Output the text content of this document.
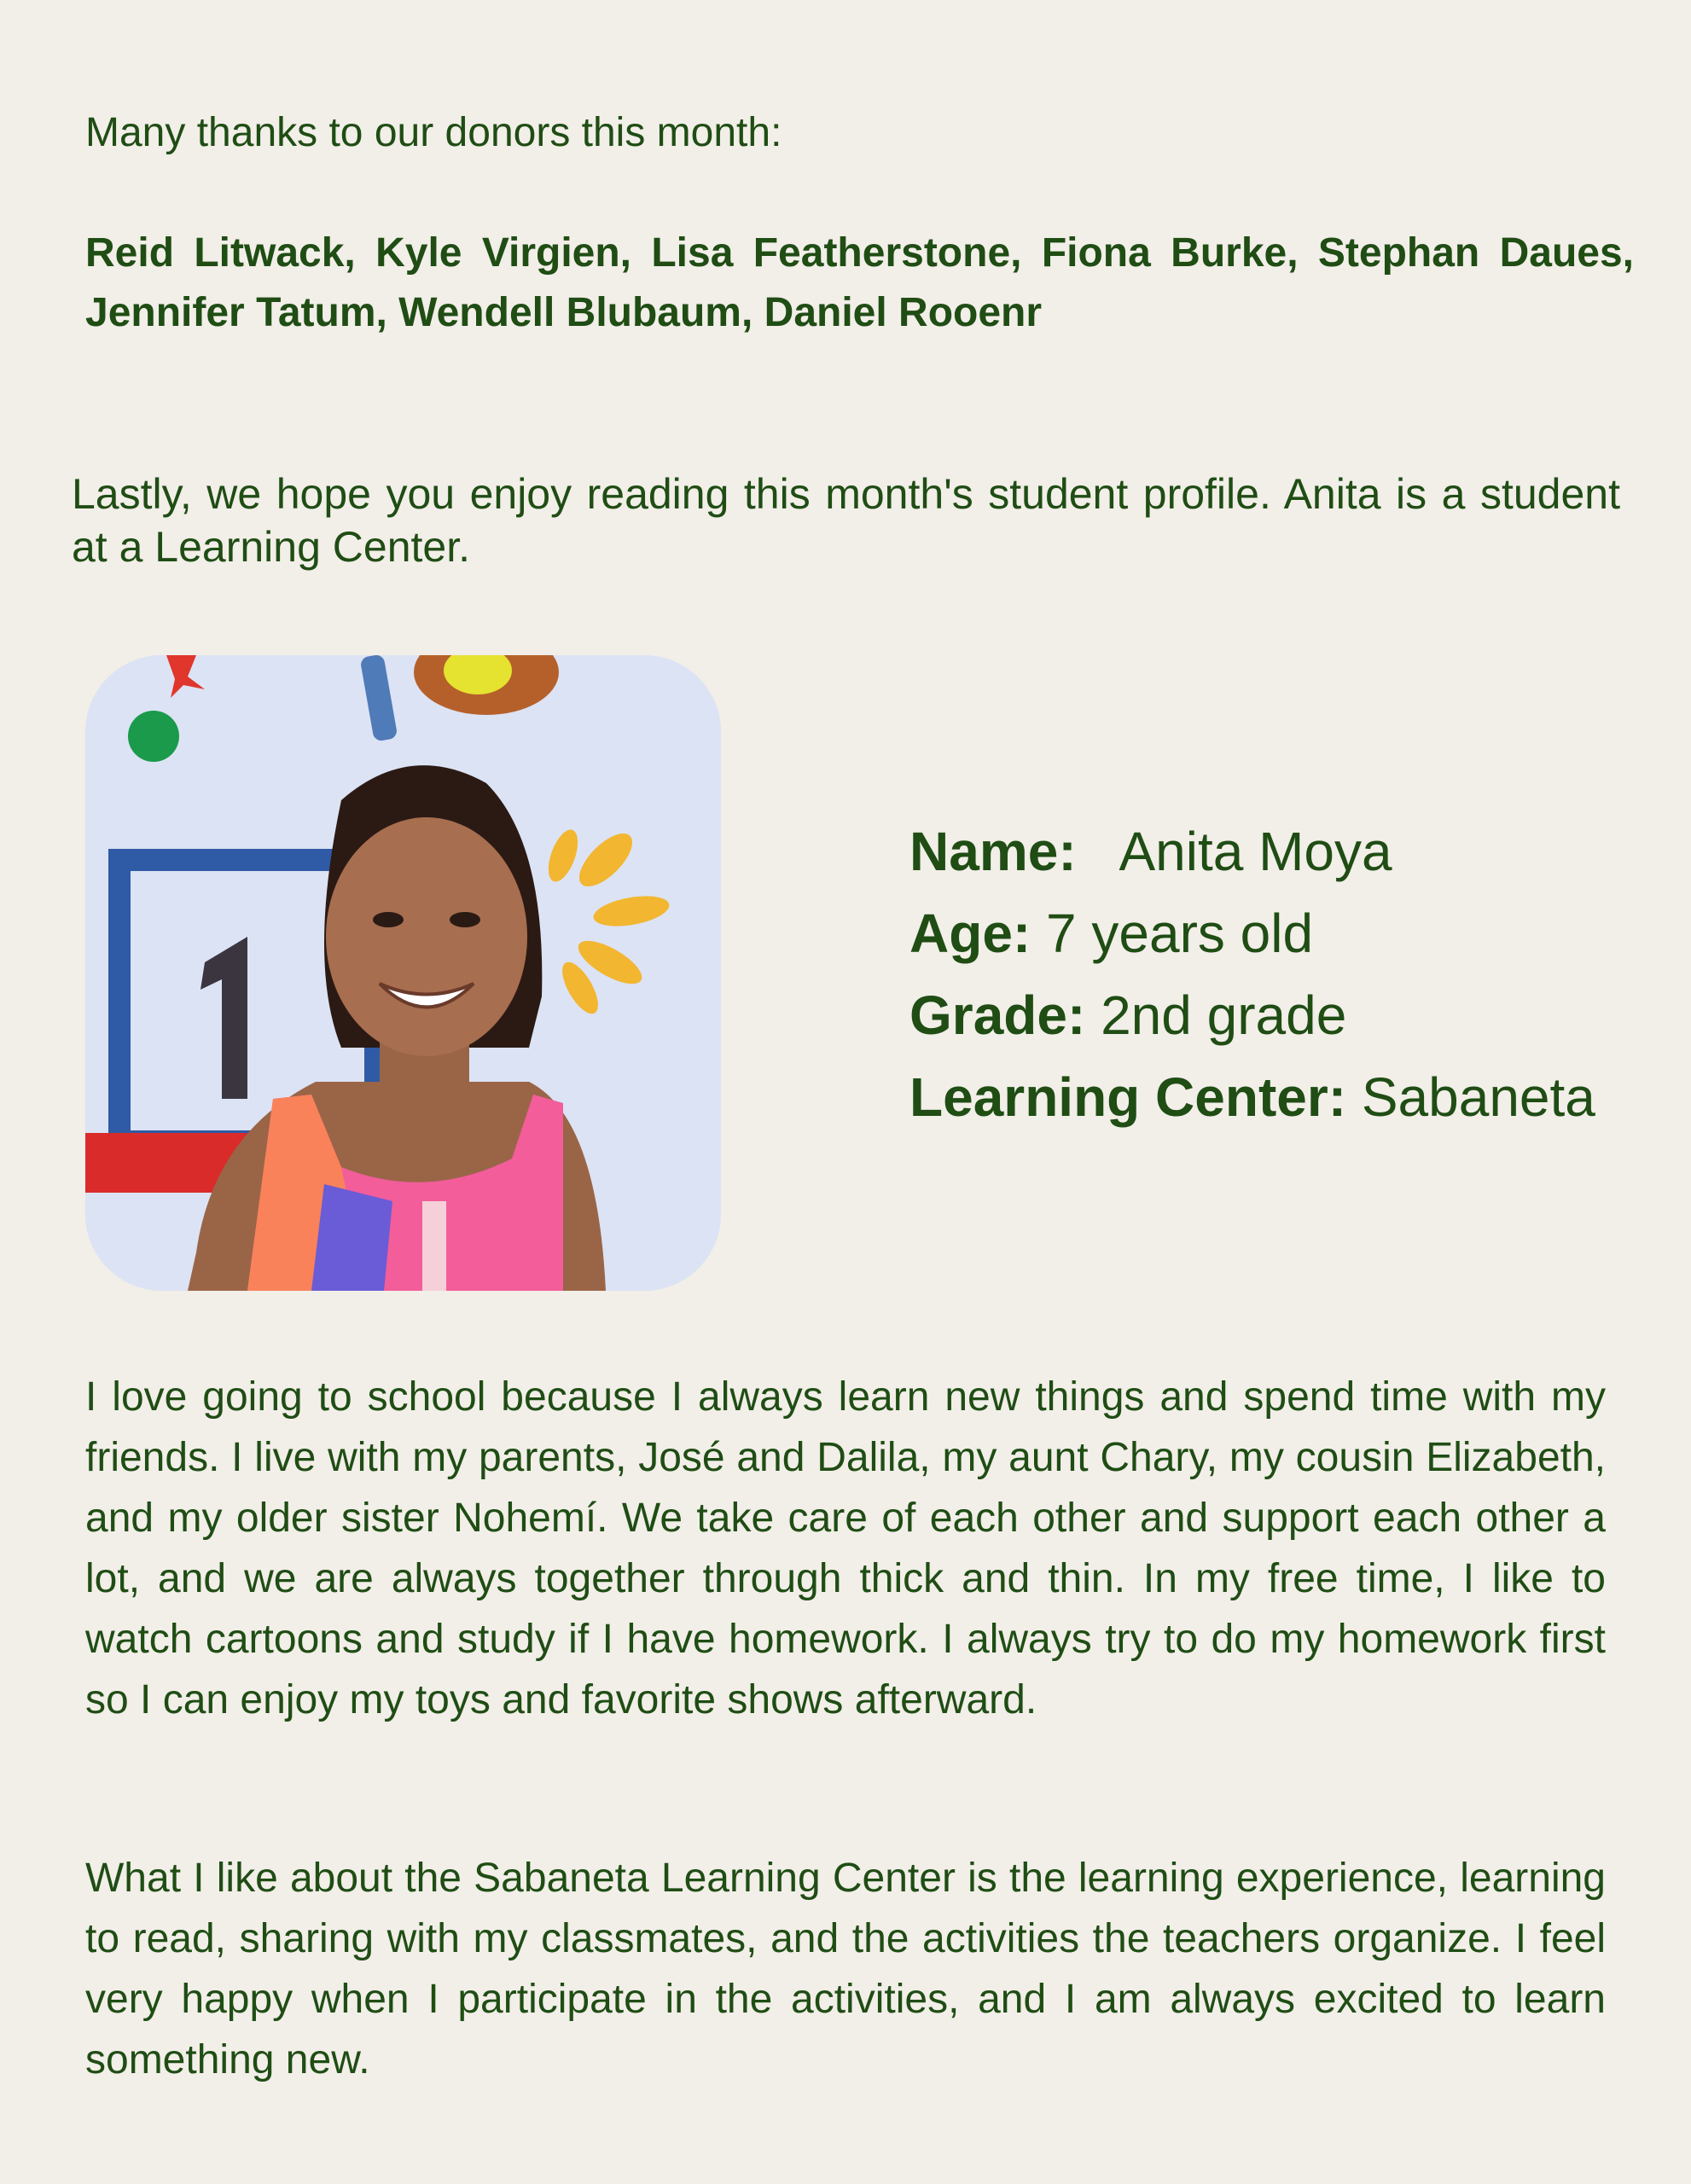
Many thanks to our donors this month:

Reid Litwack, Kyle Virgien, Lisa Featherstone, Fiona Burke, Stephan Daues, Jennifer Tatum, Wendell Blubaum, Daniel Rooenr

Lastly, we hope you enjoy reading this month's student profile. Anita is a student at a Learning Center.

Name:   Anita Moya
Age: 7 years old
Grade: 2nd grade
Learning Center: Sabaneta

I love going to school because I always learn new things and spend time with my friends. I live with my parents, José and Dalila, my aunt Chary, my cousin Elizabeth, and my older sister Nohemí. We take care of each other and support each other a lot, and we are always together through thick and thin. In my free time, I like to watch cartoons and study if I have homework. I always try to do my homework first so I can enjoy my toys and favorite shows afterward.

What I like about the Sabaneta Learning Center is the learning experience, learning to read, sharing with my classmates, and the activities the teachers organize. I feel very happy when I participate in the activities, and I am always excited to learn something new.
